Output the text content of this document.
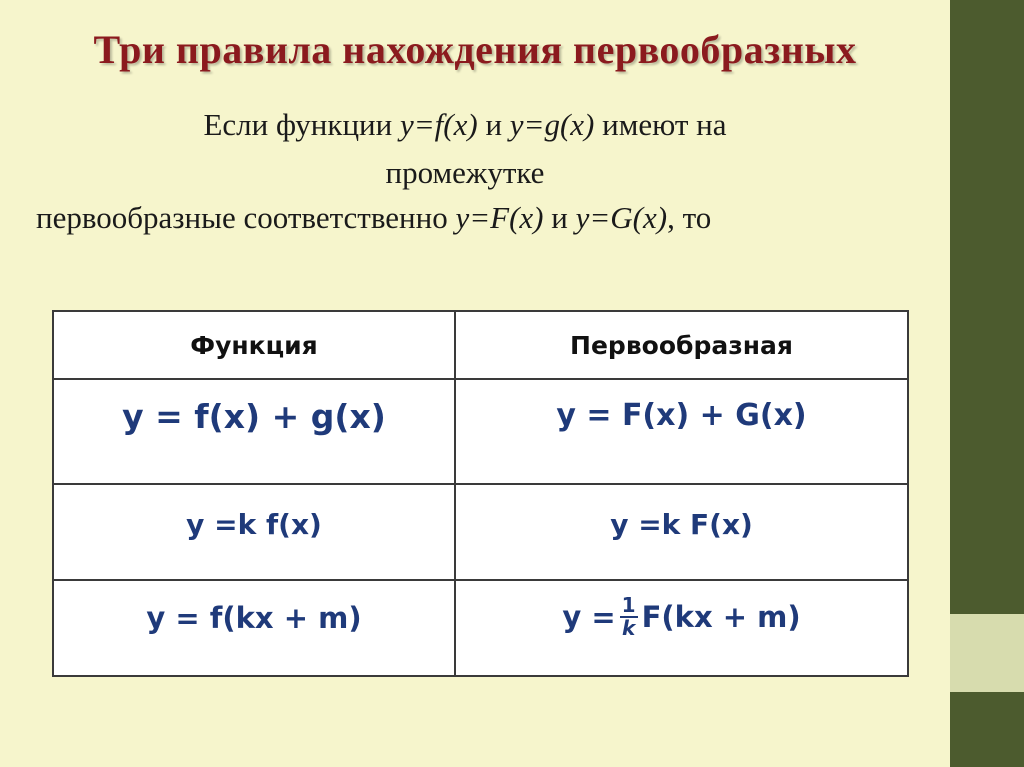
Три правила нахождения первообразных
Если функции y=f(x) и y=g(x) имеют на
промежутке
первообразные соответственно y=F(x) и y=G(x), то
Функция	Первообразная

y = f(x) + g(x)	y = F(x) + G(x)

y =k f(x)	y =k F(x)

y = f(kx + m)	$y = \frac{1}{k} F(kx + m)$
